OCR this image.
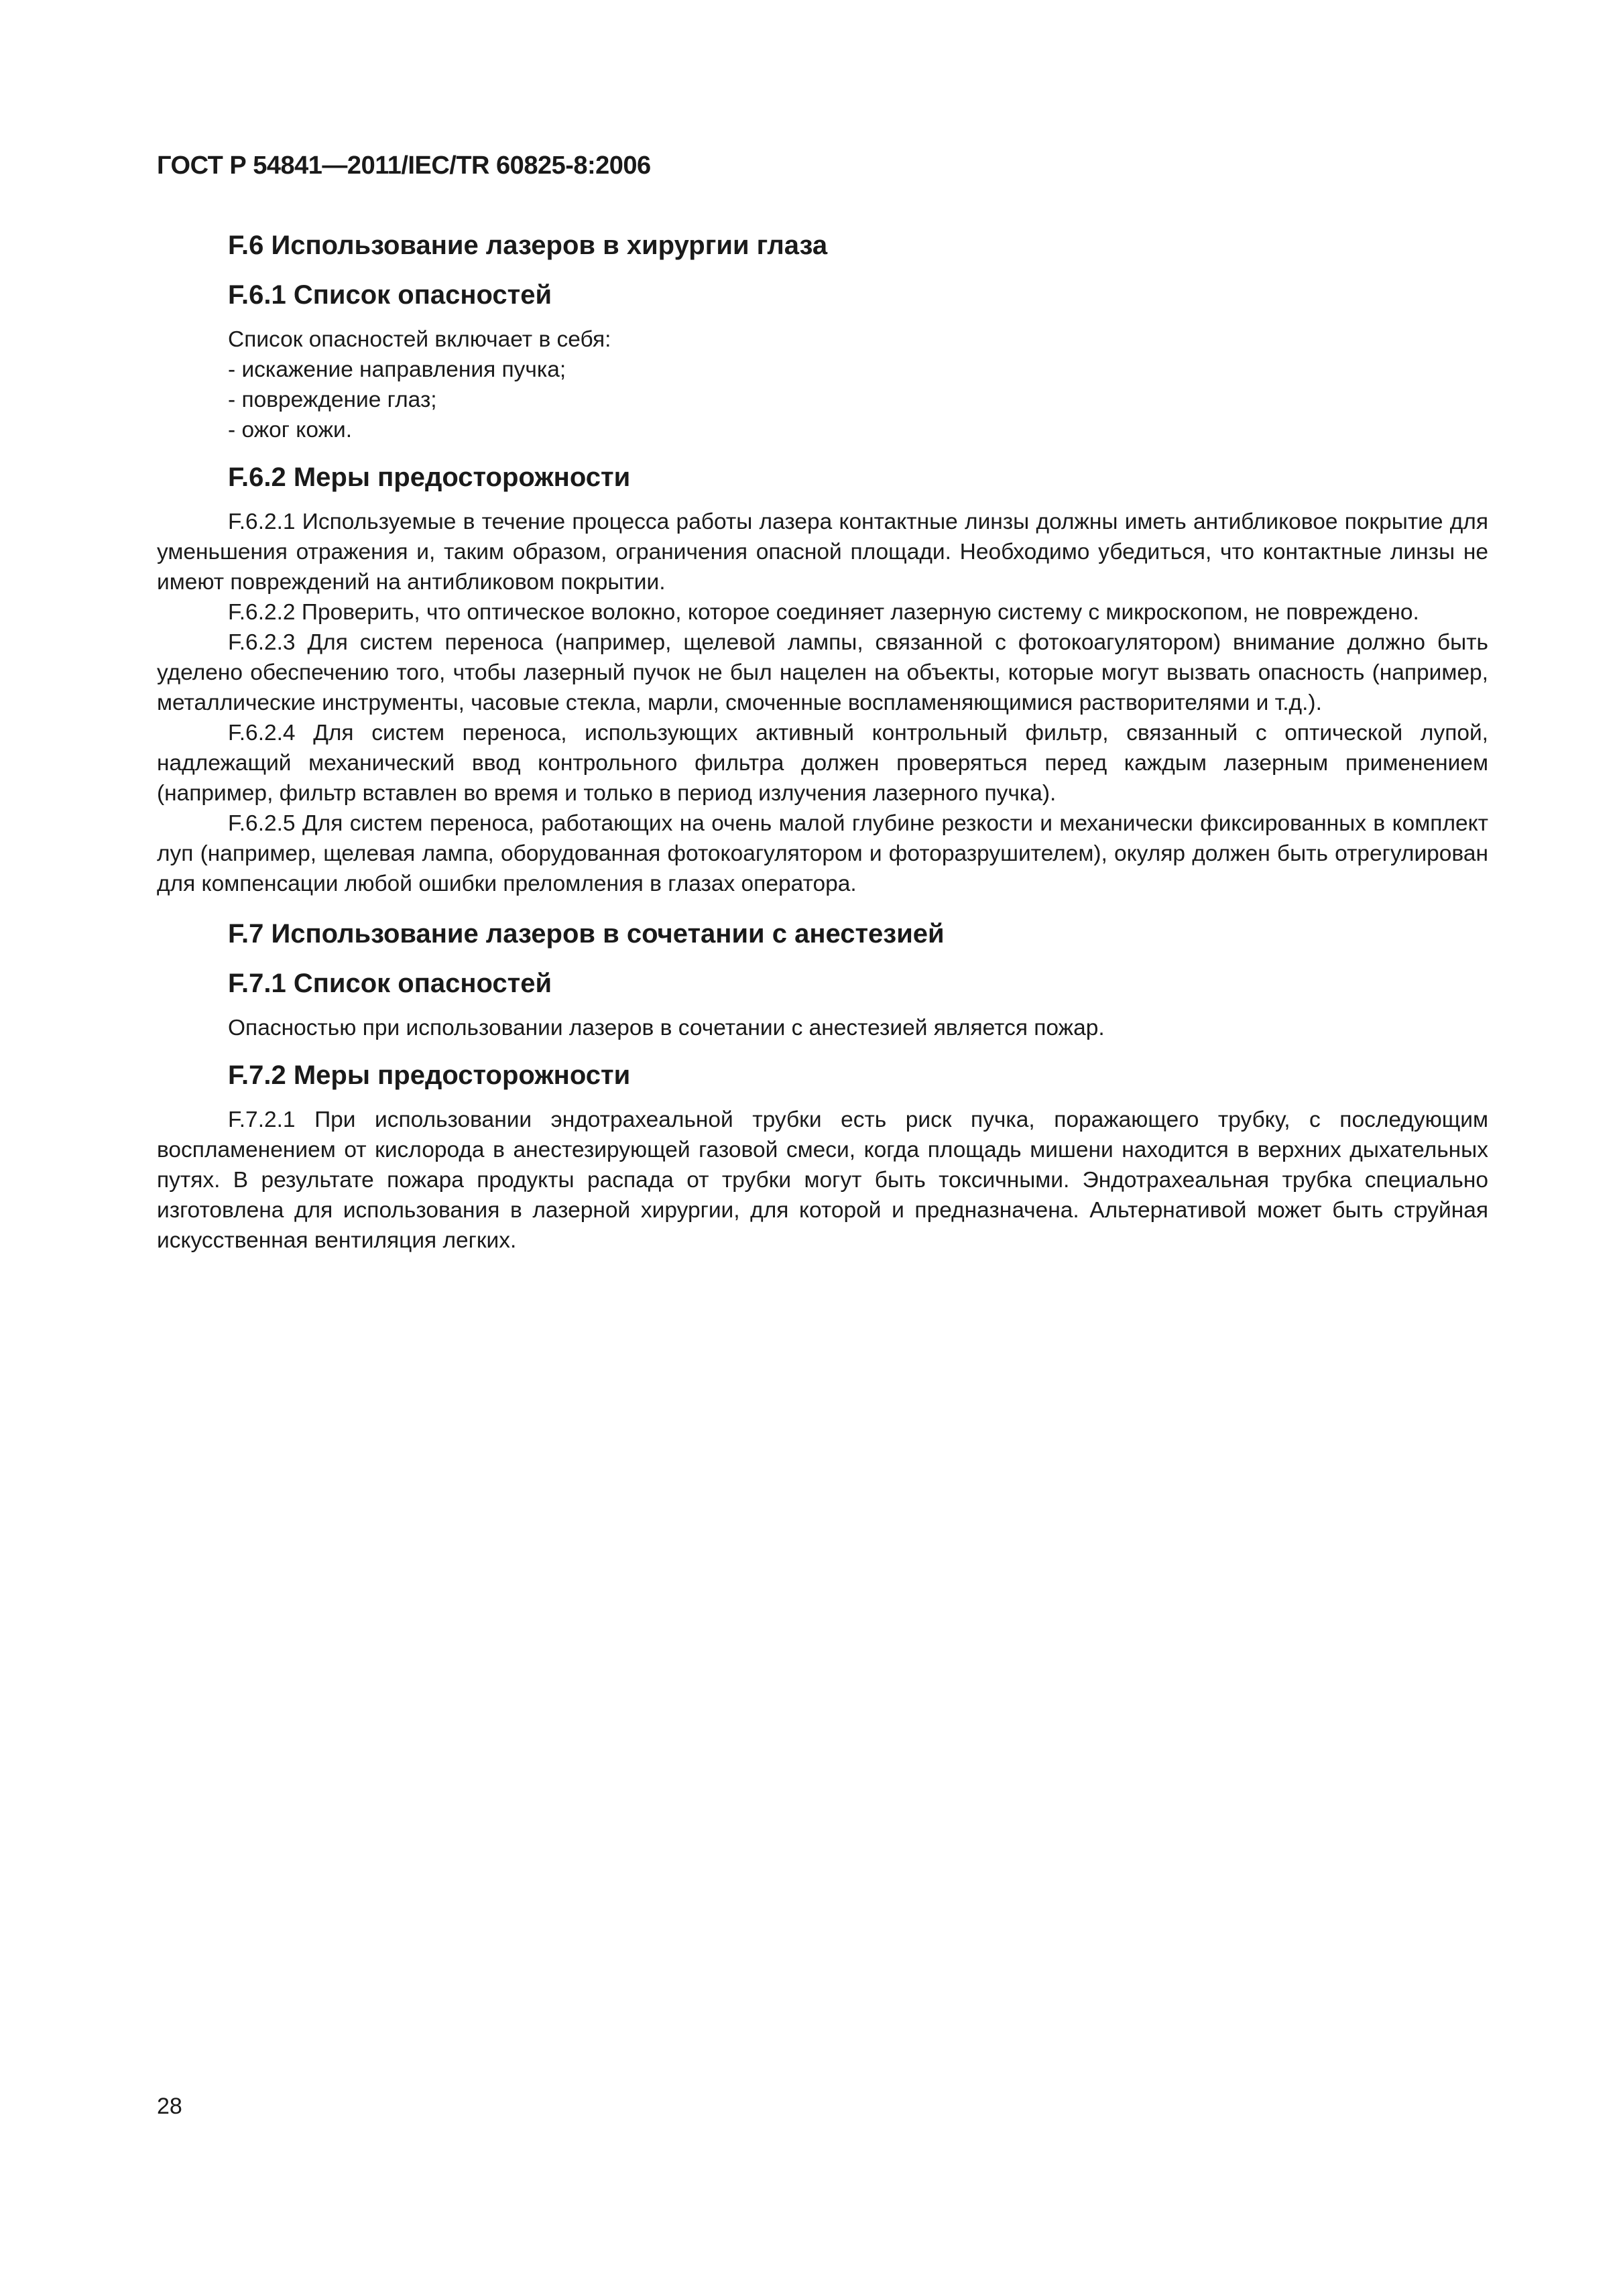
ГОСТ Р 54841—2011/IEC/TR 60825-8:2006
F.6 Использование лазеров в хирургии глаза
F.6.1 Список опасностей
Список опасностей включает в себя:
- искажение направления пучка;
- повреждение глаз;
- ожог кожи.
F.6.2 Меры предосторожности

F.6.2.1 Используемые в течение процесса работы лазера контактные линзы должны иметь антибликовое покрытие для уменьшения отражения и, таким образом, ограничения опасной площади. Необходимо убедиться, что контактные линзы не имеют повреждений на антибликовом покрытии.

F.6.2.2 Проверить, что оптическое волокно, которое соединяет лазерную систему с микроскопом, не повреждено.

F.6.2.3 Для систем переноса (например, щелевой лампы, связанной с фотокоагулятором) внимание должно быть уделено обеспечению того, чтобы лазерный пучок не был нацелен на объекты, которые могут вызвать опасность (например, металлические инструменты, часовые стекла, марли, смоченные воспламеняющимися растворителями и т.д.).

F.6.2.4 Для систем переноса, использующих активный контрольный фильтр, связанный с оптической лупой, надлежащий механический ввод контрольного фильтра должен проверяться перед каждым лазерным применением (например, фильтр вставлен во время и только в период излучения лазерного пучка).

F.6.2.5 Для систем переноса, работающих на очень малой глубине резкости и механически фиксированных в комплект луп (например, щелевая лампа, оборудованная фотокоагулятором и фоторазрушителем), окуляр должен быть отрегулирован для компенсации любой ошибки преломления в глазах оператора.

F.7 Использование лазеров в сочетании с анестезией
F.7.1 Список опасностей
Опасностью при использовании лазеров в сочетании с анестезией является пожар.
F.7.2 Меры предосторожности

F.7.2.1 При использовании эндотрахеальной трубки есть риск пучка, поражающего трубку, с последующим воспламенением от кислорода в анестезирующей газовой смеси, когда площадь мишени находится в верхних дыхательных путях. В результате пожара продукты распада от трубки могут быть токсичными. Эндотрахеальная трубка специально изготовлена для использования в лазерной хирургии, для которой и предназначена. Альтернативой может быть струйная искусственная вентиляция легких.

28
